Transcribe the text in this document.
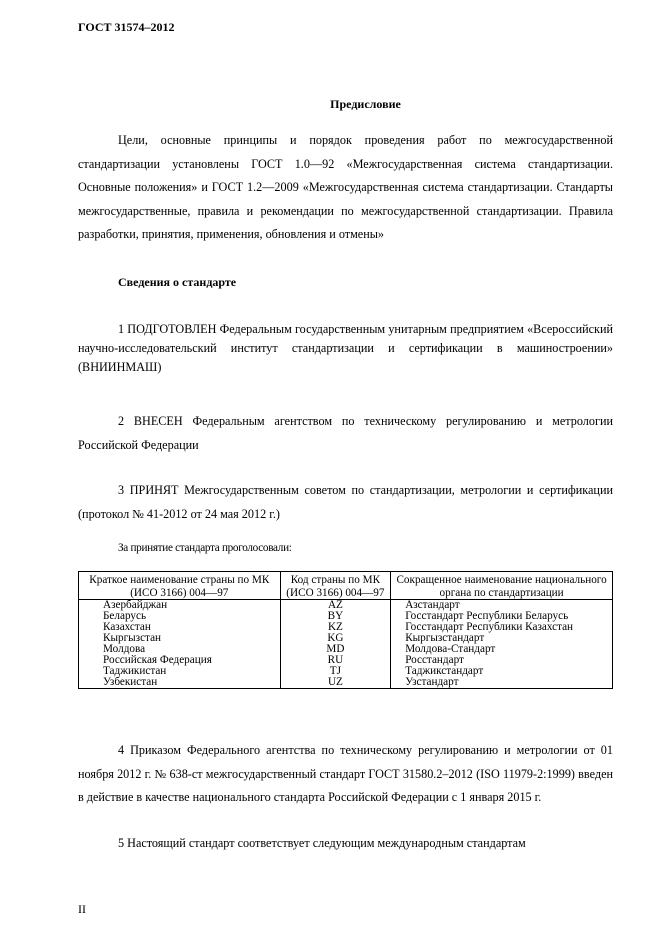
ГОСТ 31574–2012
Предисловие
Цели, основные принципы и порядок проведения работ по межгосударственной стандартизации установлены ГОСТ 1.0—92 «Межгосударственная система стандартизации. Основные положения» и ГОСТ 1.2—2009 «Межгосударственная система стандартизации. Стандарты межгосударственные, правила и рекомендации по межгосударственной стандартизации. Правила разработки, принятия, применения, обновления и отмены»
Сведения о стандарте
1 ПОДГОТОВЛЕН Федеральным государственным унитарным предприятием «Всероссийский научно-исследовательский институт стандартизации и сертификации в машиностроении» (ВНИИНМАШ)
2 ВНЕСЕН Федеральным агентством по техническому регулированию и метрологии Российской Федерации
3 ПРИНЯТ Межгосударственным советом по стандартизации, метрологии и сертификации (протокол № 41-2012 от 24 мая 2012 г.)
За принятие стандарта проголосовали:
Краткое наименование страны по МК (ИСО 3166) 004—97	Код страны по МК (ИСО 3166) 004—97	Сокращенное наименование национального органа по стандартизации
Азербайджан	AZ	Азстандарт
Беларусь	BY	Госстандарт Республики Беларусь
Казахстан	KZ	Госстандарт Республики Казахстан
Кыргызстан	KG	Кыргызстандарт
Молдова	MD	Молдова-Стандарт
Российская Федерация	RU	Росстандарт
Таджикистан	TJ	Таджикстандарт
Узбекистан	UZ	Узстандарт
4 Приказом Федерального агентства по техническому регулированию и метрологии от 01 ноября 2012 г. № 638-ст межгосударственный стандарт ГОСТ 31580.2–2012 (ISO 11979-2:1999) введен в действие в качестве национального стандарта Российской Федерации с 1 января 2015 г.
5 Настоящий стандарт соответствует следующим международным стандартам
II
